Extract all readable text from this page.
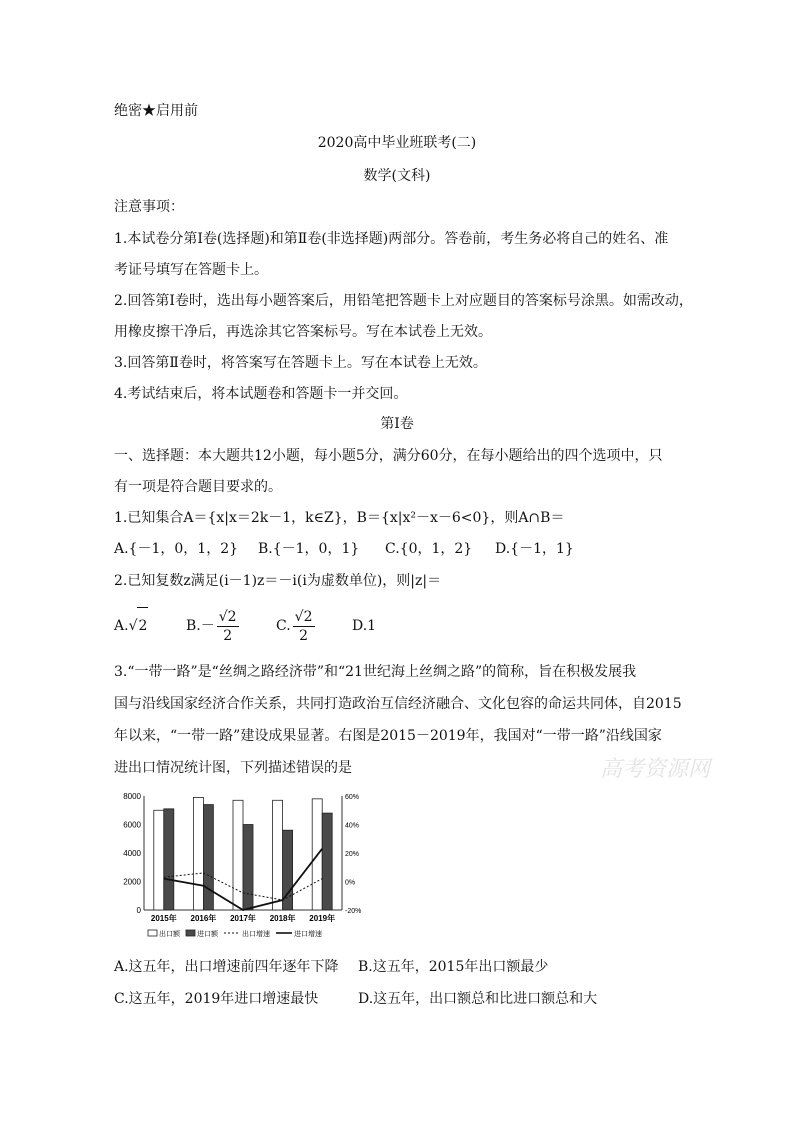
绝密★启用前
2020高中毕业班联考(二)
数学(文科)
注意事项：
1.本试卷分第Ⅰ卷(选择题)和第Ⅱ卷(非选择题)两部分。答卷前，考生务必将自己的姓名、准
考证号填写在答题卡上。
2.回答第Ⅰ卷时，选出每小题答案后，用铅笔把答题卡上对应题目的答案标号涂黑。如需改动，
用橡皮擦干净后，再选涂其它答案标号。写在本试卷上无效。
3.回答第Ⅱ卷时，将答案写在答题卡上。写在本试卷上无效。
4.考试结束后，将本试题卷和答题卡一并交回。
第Ⅰ卷
一、选择题：本大题共12小题，每小题5分，满分60分，在每小题给出的四个选项中，只
有一项是符合题目要求的。
1.已知集合A＝{x|x＝2k－1，k∈Z}，B＝{x|x²－x－6<0}，则A∩B＝
A.{－1，0，1，2} B.{－1，0，1} C.{0，1，2} D.{－1，1}
2.已知复数z满足(i－1)z＝－i(i为虚数单位)，则|z|＝
A.√2	$B.- \frac{√2}{2}$	C. $\frac{√2}{2}$	D.1
3.“一带一路”是“丝绸之路经济带”和“21世纪海上丝绸之路”的简称，旨在积极发展我
国与沿线国家经济合作关系，共同打造政治互信经济融合、文化包容的命运共同体，自2015
年以来，“一带一路”建设成果显著。右图是2015－2019年，我国对“一带一路”沿线国家
进出口情况统计图，下列描述错误的是	高考资源网
0
2000
4000
6000
8000
-20%
0%
20%
40%
60%
2015年 2016年 2017年 2018年 2019年
出口额 进口额	出口增速	进口增速
A.这五年，出口增速前四年逐年下降 B.这五年，2015年出口额最少
C.这五年，2019年进口增速最快	D.这五年，出口额总和比进口额总和大
